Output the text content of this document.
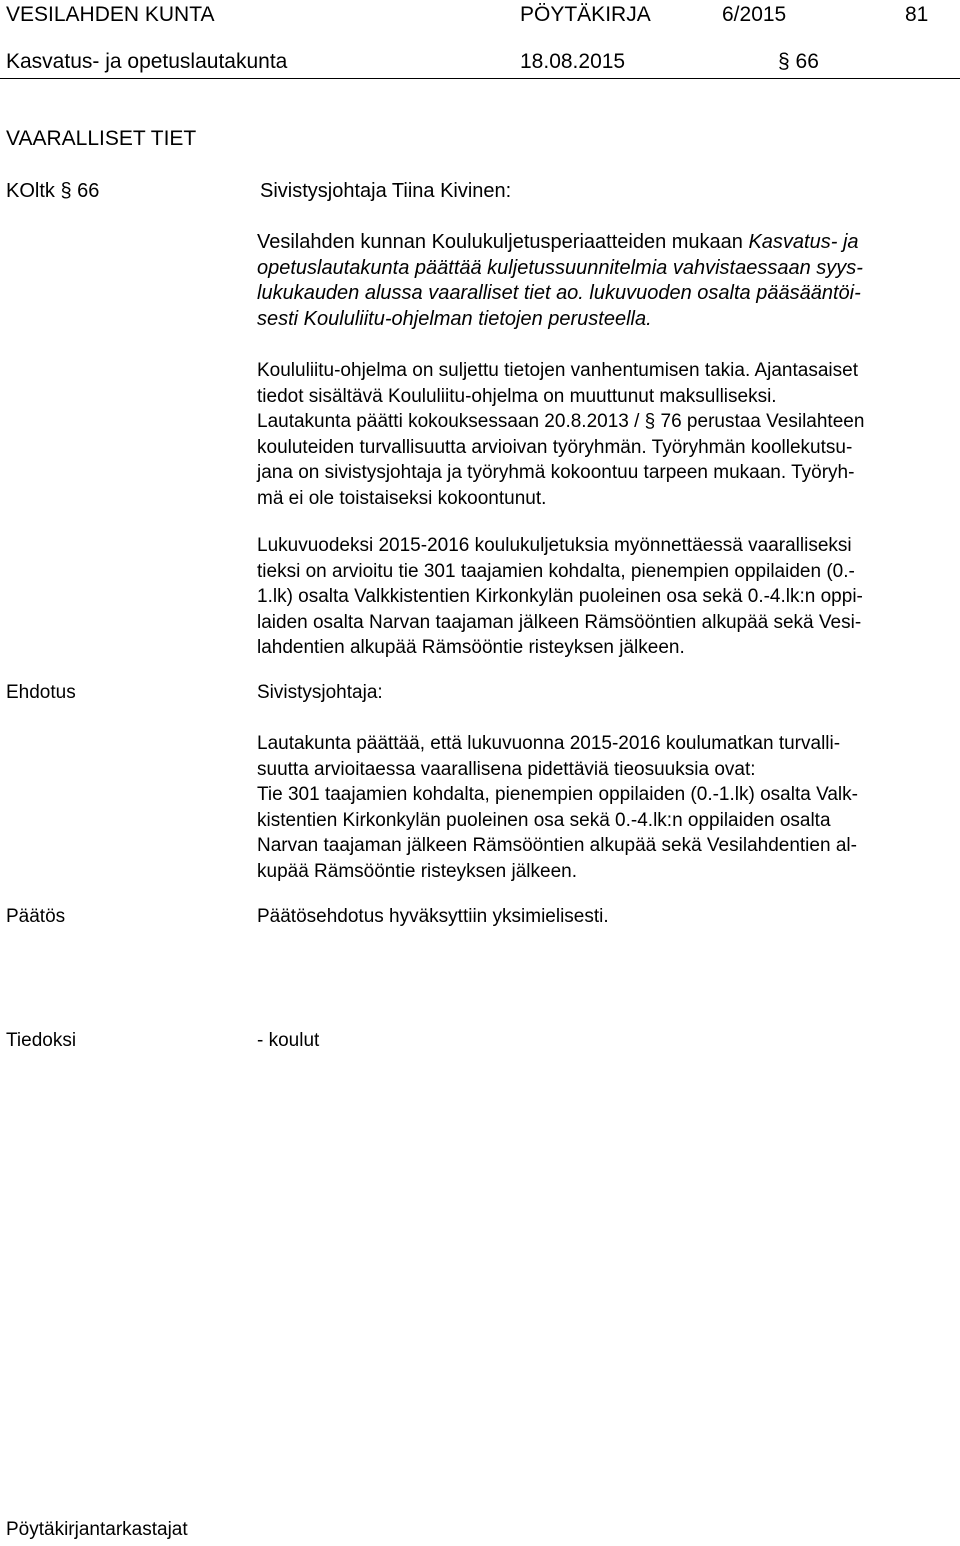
VESILAHDEN KUNTA	PÖYTÄKIRJA	6/2015	81
Kasvatus- ja opetuslautakunta	18.08.2015	§ 66
VAARALLISET TIET
KOltk § 66	Sivistysjohtaja Tiina Kivinen:
Vesilahden kunnan Koulukuljetusperiaatteiden mukaan Kasvatus- ja
opetuslautakunta päättää kuljetussuunnitelmia vahvistaessaan syys-
lukukauden alussa vaaralliset tiet ao. lukuvuoden osalta pääsääntöi-
sesti Koululiitu-ohjelman tietojen perusteella.
Koululiitu-ohjelma on suljettu tietojen vanhentumisen takia. Ajantasaiset
tiedot sisältävä Koululiitu-ohjelma on muuttunut maksulliseksi.
Lautakunta päätti kokouksessaan 20.8.2013 / § 76 perustaa Vesilahteen
kouluteiden turvallisuutta arvioivan työryhmän. Työryhmän koollekutsu-
jana on sivistysjohtaja ja työryhmä kokoontuu tarpeen mukaan. Työryh-
mä ei ole toistaiseksi kokoontunut.
Lukuvuodeksi 2015-2016 koulukuljetuksia myönnettäessä vaaralliseksi
tieksi on arvioitu tie 301 taajamien kohdalta, pienempien oppilaiden (0.-
1.lk) osalta Valkkistentien Kirkonkylän puoleinen osa sekä 0.-4.lk:n oppi-
laiden osalta Narvan taajaman jälkeen Rämsööntien alkupää sekä Vesi-
lahdentien alkupää Rämsööntie risteyksen jälkeen.
Ehdotus	Sivistysjohtaja:
Lautakunta päättää, että lukuvuonna 2015-2016 koulumatkan turvalli-
suutta arvioitaessa vaarallisena pidettäviä tieosuuksia ovat:
Tie 301 taajamien kohdalta, pienempien oppilaiden (0.-1.lk) osalta Valk-
kistentien Kirkonkylän puoleinen osa sekä 0.-4.lk:n oppilaiden osalta
Narvan taajaman jälkeen Rämsööntien alkupää sekä Vesilahdentien al-
kupää Rämsööntie risteyksen jälkeen.
Päätös	Päätösehdotus hyväksyttiin yksimielisesti.
Tiedoksi	- koulut
Pöytäkirjantarkastajat
